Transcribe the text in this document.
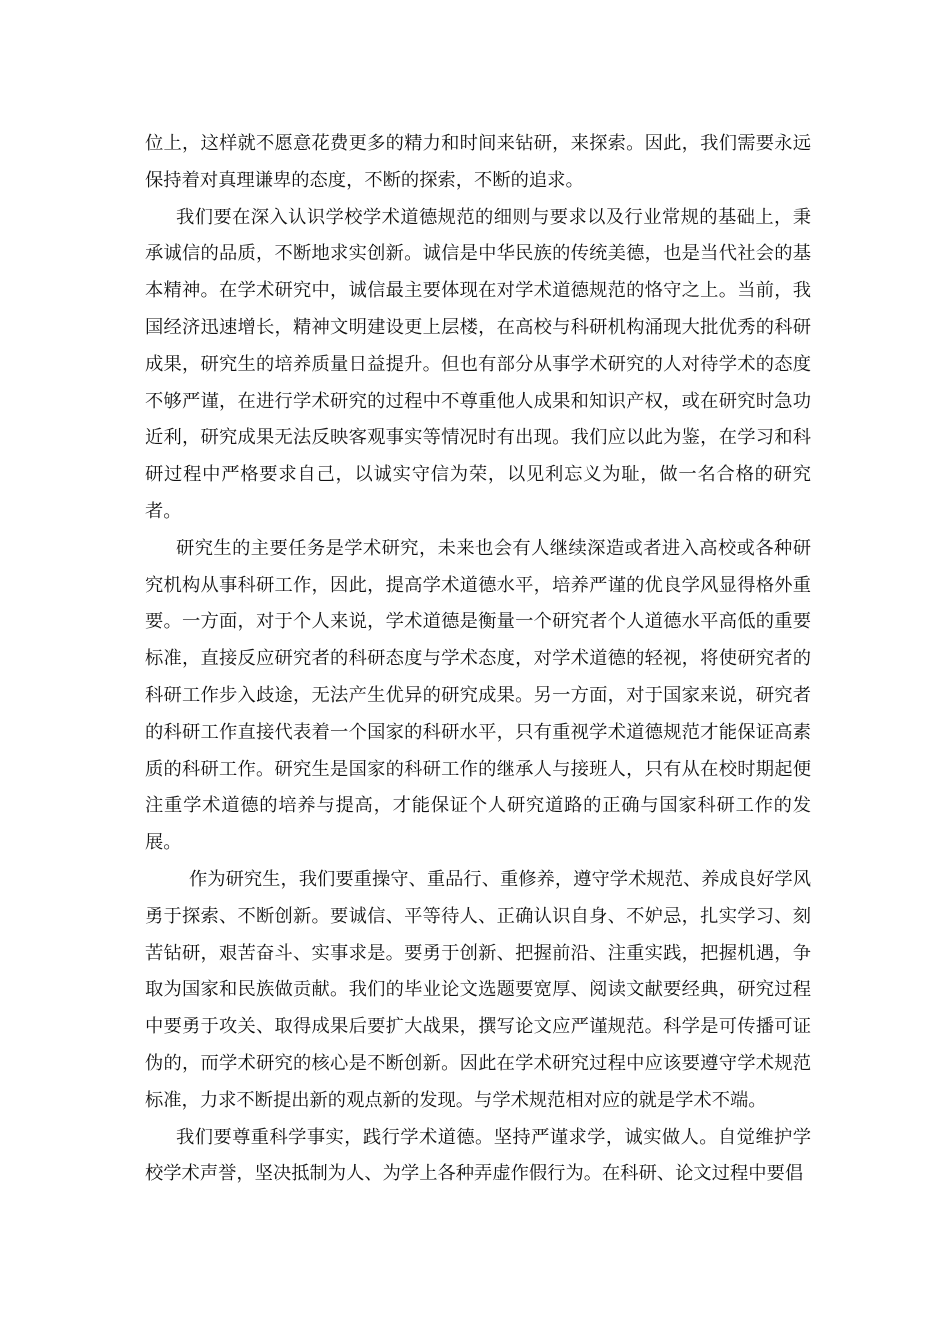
位上，这样就不愿意花费更多的精力和时间来钻研，来探索。因此，我们需要永远保持着对真理谦卑的态度，不断的探索，不断的追求。

我们要在深入认识学校学术道德规范的细则与要求以及行业常规的基础上，秉承诚信的品质，不断地求实创新。诚信是中华民族的传统美德，也是当代社会的基本精神。在学术研究中，诚信最主要体现在对学术道德规范的恪守之上。当前，我国经济迅速增长，精神文明建设更上层楼，在高校与科研机构涌现大批优秀的科研成果，研究生的培养质量日益提升。但也有部分从事学术研究的人对待学术的态度不够严谨，在进行学术研究的过程中不尊重他人成果和知识产权，或在研究时急功近利，研究成果无法反映客观事实等情况时有出现。我们应以此为鉴，在学习和科研过程中严格要求自己，以诚实守信为荣，以见利忘义为耻，做一名合格的研究者。

研究生的主要任务是学术研究，未来也会有人继续深造或者进入高校或各种研究机构从事科研工作，因此，提高学术道德水平，培养严谨的优良学风显得格外重要。一方面，对于个人来说，学术道德是衡量一个研究者个人道德水平高低的重要标准，直接反应研究者的科研态度与学术态度，对学术道德的轻视，将使研究者的科研工作步入歧途，无法产生优异的研究成果。另一方面，对于国家来说，研究者的科研工作直接代表着一个国家的科研水平，只有重视学术道德规范才能保证高素质的科研工作。研究生是国家的科研工作的继承人与接班人，只有从在校时期起便注重学术道德的培养与提高，才能保证个人研究道路的正确与国家科研工作的发展。

作为研究生，我们要重操守、重品行、重修养，遵守学术规范、养成良好学风勇于探索、不断创新。要诚信、平等待人、正确认识自身、不妒忌，扎实学习、刻苦钻研，艰苦奋斗、实事求是。要勇于创新、把握前沿、注重实践，把握机遇，争取为国家和民族做贡献。我们的毕业论文选题要宽厚、阅读文献要经典，研究过程中要勇于攻关、取得成果后要扩大战果，撰写论文应严谨规范。科学是可传播可证伪的，而学术研究的核心是不断创新。因此在学术研究过程中应该要遵守学术规范标准，力求不断提出新的观点新的发现。与学术规范相对应的就是学术不端。

我们要尊重科学事实，践行学术道德。坚持严谨求学，诚实做人。自觉维护学校学术声誉，坚决抵制为人、为学上各种弄虚作假行为。在科研、论文过程中要倡
